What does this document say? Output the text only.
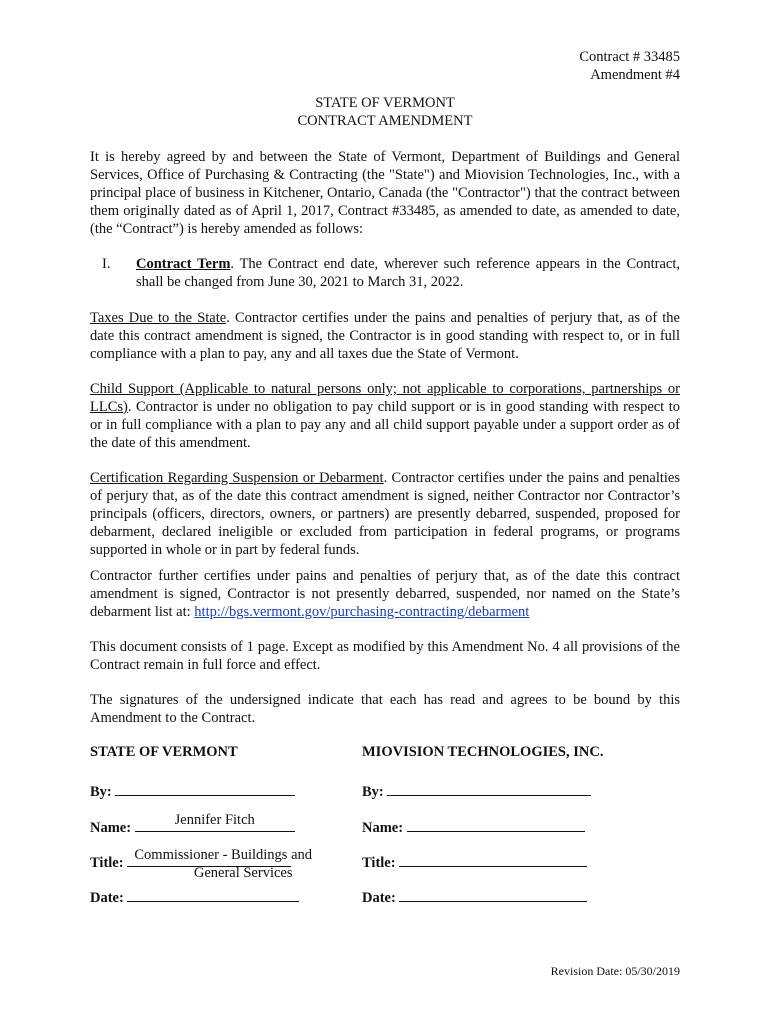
Contract # 33485
Amendment #4
STATE OF VERMONT
CONTRACT AMENDMENT
It is hereby agreed by and between the State of Vermont, Department of Buildings and General Services, Office of Purchasing & Contracting (the "State") and Miovision Technologies, Inc., with a principal place of business in Kitchener, Ontario, Canada (the "Contractor") that the contract between them originally dated as of April 1, 2017, Contract #33485, as amended to date, as amended to date, (the “Contract”) is hereby amended as follows:
I. Contract Term. The Contract end date, wherever such reference appears in the Contract, shall be changed from June 30, 2021 to March 31, 2022.
Taxes Due to the State. Contractor certifies under the pains and penalties of perjury that, as of the date this contract amendment is signed, the Contractor is in good standing with respect to, or in full compliance with a plan to pay, any and all taxes due the State of Vermont.
Child Support (Applicable to natural persons only; not applicable to corporations, partnerships or LLCs). Contractor is under no obligation to pay child support or is in good standing with respect to or in full compliance with a plan to pay any and all child support payable under a support order as of the date of this amendment.
Certification Regarding Suspension or Debarment. Contractor certifies under the pains and penalties of perjury that, as of the date this contract amendment is signed, neither Contractor nor Contractor’s principals (officers, directors, owners, or partners) are presently debarred, suspended, proposed for debarment, declared ineligible or excluded from participation in federal programs, or programs supported in whole or in part by federal funds.
Contractor further certifies under pains and penalties of perjury that, as of the date this contract amendment is signed, Contractor is not presently debarred, suspended, nor named on the State’s debarment list at: http://bgs.vermont.gov/purchasing-contracting/debarment
This document consists of 1 page. Except as modified by this Amendment No. 4 all provisions of the Contract remain in full force and effect.
The signatures of the undersigned indicate that each has read and agrees to be bound by this Amendment to the Contract.
STATE OF VERMONT
By:
Name:	Jennifer Fitch
Title: Commissioner - Buildings and
General Services
Date:
MIOVISION TECHNOLOGIES, INC.
By:
Name:
Title:
Date:
Revision Date: 05/30/2019
